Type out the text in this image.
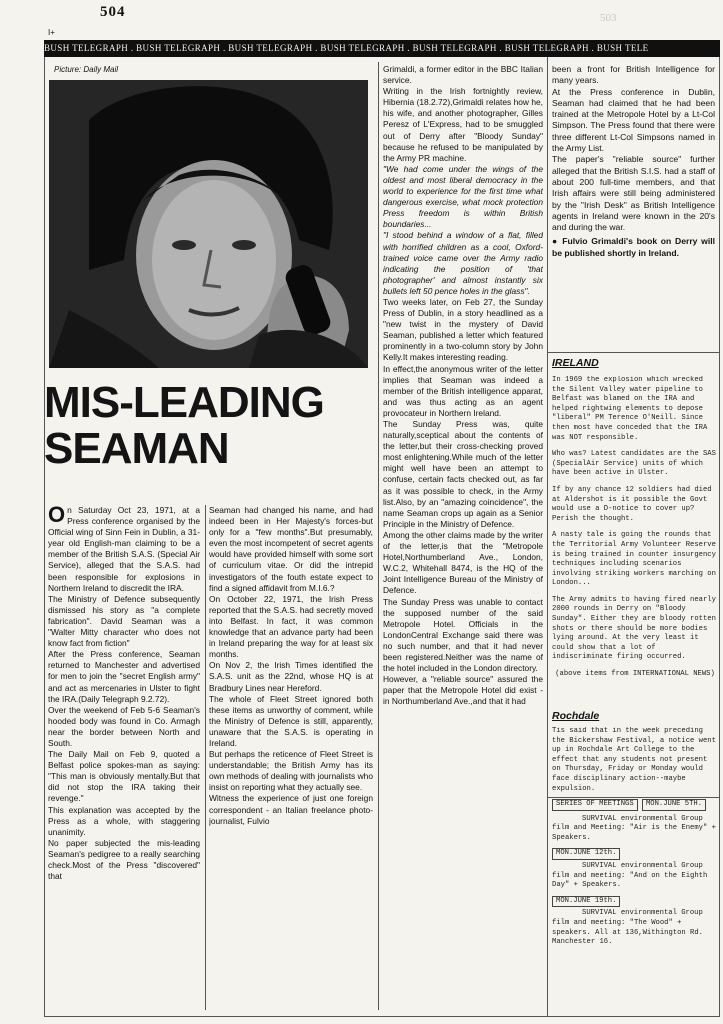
504	503
I+
BUSH TELEGRAPH . BUSH TELEGRAPH . BUSH TELEGRAPH . BUSH TELEGRAPH . BUSH TELEGRAPH . BUSH TELEGRAPH . BUSH TELE
Picture: Daily Mail
MIS-LEADING
SEAMAN

On Saturday Oct 23, 1971, at a Press conference organised by the Official wing of Sinn Fein in Dublin, a 31-year old English-man claiming to be a member of the British S.A.S. (Special Air Service), alleged that the S.A.S. had been responsible for explosions in Northern Ireland to discredit the IRA.

The Ministry of Defence subsequently dismissed his story as "a complete fabrication". David Seaman was a "Walter Mitty character who does not know fact from fiction"

After the Press conference, Seaman returned to Manchester and advertised for men to join the "secret English army" and act as mercenaries in Ulster to fight the IRA.(Daily Telegraph 9.2.72).

Over the weekend of Feb 5-6 Seaman's hooded body was found in Co. Armagh near the border between North and South.

The Daily Mail on Feb 9, quoted a Belfast police spokes-man as saying: "This man is obviously mentally.But that did not stop the IRA taking their revenge."

This explanation was accepted by the Press as a whole, with staggering unanimity.

No paper subjected the mis-leading Seaman's pedigree to a really searching check.Most of the Press "discovered" that

Seaman had changed his name, and had indeed been in Her Majesty's forces-but only for a "few months".But presumably, even the most incompetent of secret agents would have provided himself with some sort of curriculum vitae. Or did the intrepid investigators of the fouth estate expect to find a signed affidavit from M.I.6.?

On October 22, 1971, the Irish Press reported that the S.A.S. had secretly moved into Belfast. In fact, it was common knowledge that an advance party had been in Ireland preparing the way for at least six months.

On Nov 2, the Irish Times identified the S.A.S. unit as the 22nd, whose HQ is at Bradbury Lines near Hereford.

The whole of Fleet Street ignored both these items as unworthy of comment, while the Ministry of Defence is still, apparently, unaware that the S.A.S. is operating in Ireland.

But perhaps the reticence of Fleet Street is understandable; the British Army has its own methods of dealing with journalists who insist on reporting what they actually see.

Witness the experience of just one foreign correspondent - an Italian freelance photo-journalist, Fulvio

Grimaldi, a former editor in the BBC Italian service.

Writing in the Irish fortnightly review, Hibernia (18.2.72),Grimaldi relates how he, his wife, and another photographer, Gilles Peresz of L'Express, had to be smuggled out of Derry after "Bloody Sunday" because he refused to be manipulated by the Army PR machine.

"We had come under the wings of the oldest and most liberal democracy in the world to experience for the first time what dangerous exercise, what mock protection Press freedom is within British boundaries...

"I stood behind a window of a flat, filled with horrified children as a cool, Oxford-trained voice came over the Army radio indicating the position of 'that photographer' and almost instantly six bullets left 50 pence holes in the glass".

Two weeks later, on Feb 27, the Sunday Press of Dublin, in a story headlined as a "new twist in the mystery of David Seaman, published a letter which featured prominently in a two-column story by John Kelly.It makes interesting reading.

In effect,the anonymous writer of the letter implies that Seaman was indeed a member of the British intelligence apparat, and was thus acting as an agent provocateur in Northern Ireland.

The Sunday Press was, quite naturally,sceptical about the contents of the letter,but their cross-checking proved most enlightening.While much of the letter might well have been an attempt to confuse, certain facts checked out, as far as it was possible to check, in the Army list.Also, by an "amazing coincidence", the name Seaman crops up again as a Senior Principle in the Ministry of Defence.

Among the other claims made by the writer of the letter,is that the "Metropole Hotel,Northumberland Ave., London, W.C.2, Whitehall 8474, is the HQ of the Joint Intelligence Bureau of the Ministry of Defence.

The Sunday Press was unable to contact the supposed number of the said Metropole Hotel. Officials in the LondonCentral Exchange said there was no such number, and that it had never been registered.Neither was the name of the hotel included in the London directory.

However, a "reliable source" assured the paper that the Metropole Hotel did exist - in Northumberland Ave.,and that it had

been a front for British Intelligence for many years.

At the Press conference in Dublin, Seaman had claimed that he had been trained at the Metropole Hotel by a Lt-Col Simpson. The Press found that there were three different Lt-Col Simpsons named in the Army List.

The paper's "reliable source" further alleged that the British S.I.S. had a staff of about 200 full-time members, and that Irish affairs were still being administered by the "Irish Desk" as British Intelligence agents in Ireland were known in the 20's and during the war.

● Fulvio Grimaldi's book on Derry will be published shortly in Ireland.

IRELAND

In 1969 the explosion which wrecked the Silent Valley water pipeline to Belfast was blamed on the IRA and helped rightwing elements to depose "liberal" PM Terence O'Neill. Since then most have conceded that the IRA was NOT responsible.

Who was? Latest candidates are the SAS (SpecialAir Service) units of which have been active in Ulster.

If by any chance 12 soldiers had died at Aldershot is it possible the Govt would use a D-notice to cover up? Perish the thought.

A nasty tale is going the rounds that the Territorial Army Volunteer Reserve is being trained in counter insurgency techniques including scenarios involving striking workers marching on London...

The Army admits to having fired nearly 2000 rounds in Derry on "Bloody Sunday". Either they are bloody rotten shots or there should be more bodies lying around. At the very least it could show that a lot of indiscriminate firing occurred.

(above items from INTERNATIONAL NEWS)

Rochdale
Tis said that in the week preceding the Bickershaw Festival, a notice went up in Rochdale Art College to the effect that any students not present on Thursday, Friday or Monday would face disciplinary action--maybe expulsion.
SERIES OF MEETINGS MON.JUNE 5TH.
SURVIVAL environmental Group film and Meeting: "Air is the Enemy" + Speakers.
MON.JUNE 12th.
SURVIVAL environmental Group film and meeting: "And on the Eighth Day" + Speakers.
MON.JUNE 19th.
SURVIVAL environmental Group film and meeting: "The Wood" + speakers. All at 136,Withington Rd. Manchester 16.
